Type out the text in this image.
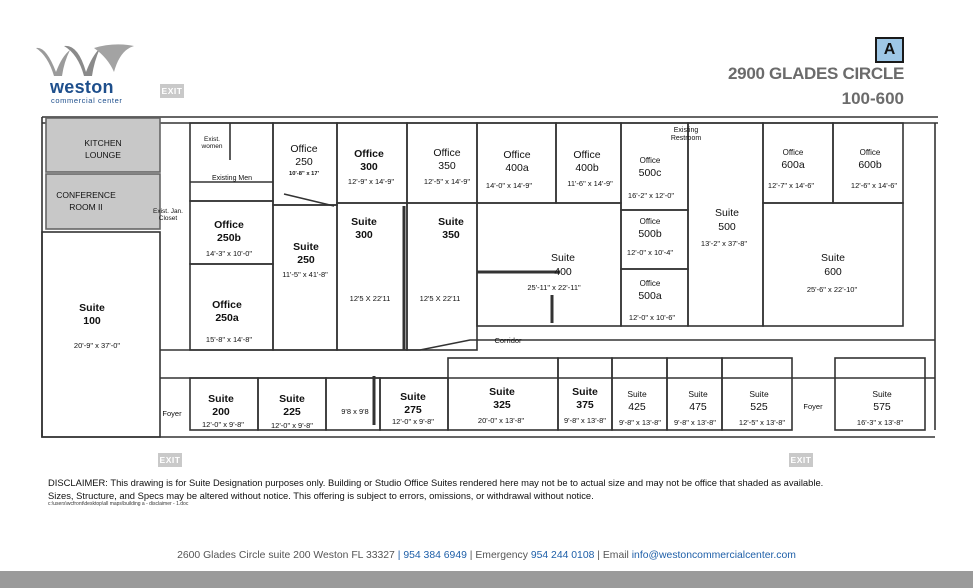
weston
commercial center
A
2900 GLADES CIRCLE
100-600
EXIT
EXIT	EXIT
KITCHEN
LOUNGE
CONFERENCE
ROOM II
Exist.
women
Existing Men
Exist. Jan.
Closet
Existing
Restroom
Corridor
Foyer
Foyer
Suite
100
20'-9" x 37'-0"
Office
250
10'-8" x 17'
Office
250b
14'-3" x 10'-0"
Office
250a
15'-8" x 14'-8"
Suite
250
11'-5" x 41'-8"
Office
300
12'-9" x 14'-9"
Suite
300
12'5 X 22'11
Office
350
12'-5" x 14'-9"
Suite
350
12'5 X 22'11
Office
400a
14'-0" x 14'-9"
Office
400b
11'-6" x 14'-9"
Suite
400
25'-11" x 22'-11"
Office
500c
16'-2" x 12'-0"
Office
500b
12'-0" x 10'-4"
Office
500a
12'-0" x 10'-6"
Suite
500
13'-2" x 37'-8"
Office
600a
12'-7" x 14'-6"
Office
600b
12'-6" x 14'-6"
Suite
600
25'-6" x 22'-10"
Suite
200
12'-0" x 9'-8"
Suite
225
12'-0" x 9'-8"
9'8 x 9'8
Suite
275
12'-0" x 9'-8"
Suite
325
20'-0" x 13'-8"
Suite
375
9'-8" x 13'-8"
Suite
425
9'-8" x 13'-8"
Suite
475
9'-8" x 13'-8"
Suite
525
12'-5" x 13'-8"
Suite
575
16'-3" x 13'-8"
DISCLAIMER: This drawing is for Suite Designation purposes only. Building or Studio Office Suites rendered here may not be to actual size and may not be office that shaded as available.
Sizes, Structure, and Specs may be altered without notice. This offering is subject to errors, omissions, or withdrawal without notice.
c:\users\wcfront\desktop\all maps\building a - disclaimer - 1.doc
2600 Glades Circle suite 200 Weston FL 33327 | 954 384 6949 | Emergency 954 244 0108 | Email info@westoncommercialcenter.com
